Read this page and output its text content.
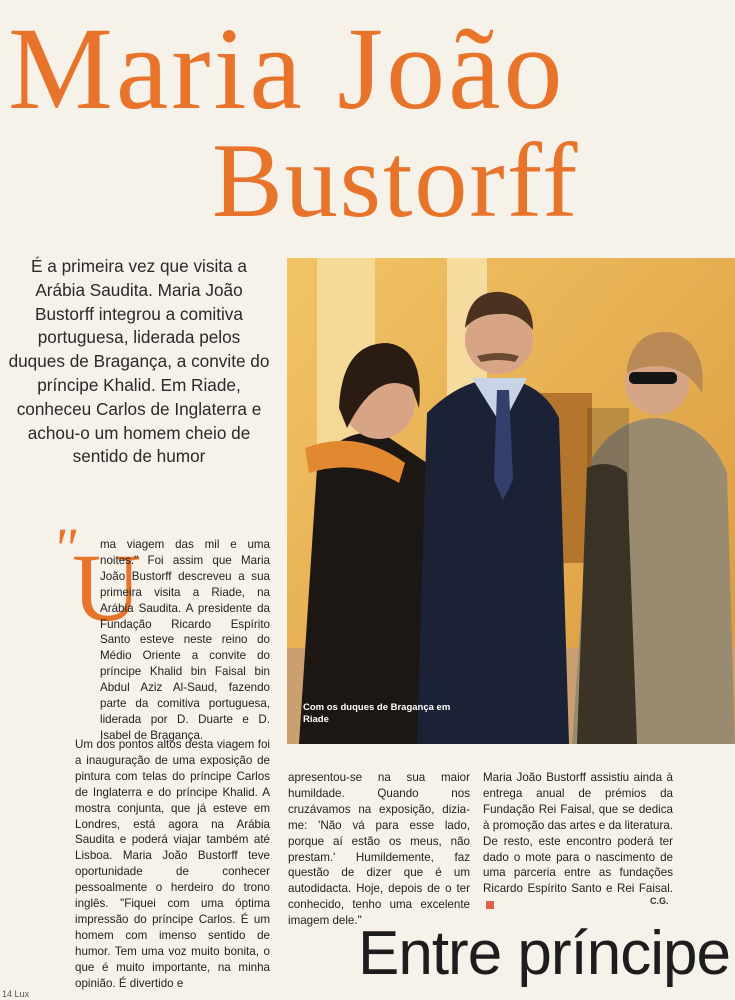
Maria João
Bustorff

É a primeira vez que visita a Arábia Saudita. Maria João Bustorff integrou a comitiva portuguesa, liderada pelos duques de Bragança, a convite do príncipe Khalid. Em Riade, conheceu Carlos de Inglaterra e achou-o um homem cheio de sentido de humor

"
U

ma viagem das mil e uma noites." Foi assim que Maria João Bustorff descreveu a sua primeira visita a Riade, na Arábia Saudita. A presidente da Fundação Ricardo Espírito Santo esteve neste reino do Médio Oriente a convite do príncipe Khalid bin Faisal bin Abdul Aziz Al-Saud, fazendo parte da comitiva portuguesa, liderada por D. Duarte e D. Isabel de Bragança.

Um dos pontos altos desta viagem foi a inauguração de uma exposição de pintura com telas do príncipe Carlos de Inglaterra e do príncipe Khalid. A mostra conjunta, que já esteve em Londres, está agora na Arábia Saudita e poderá viajar também até Lisboa. Maria João Bustorff teve oportunidade de conhecer pessoalmente o herdeiro do trono inglês. "Fiquei com uma óptima impressão do príncipe Carlos. É um homem com imenso sentido de humor. Tem uma voz muito bonita, o que é muito importante, na minha opinião. É divertido e

Com os duques de Bragança em Riade

apresentou-se na sua maior humildade. Quando nos cruzávamos na exposição, dizia-me: 'Não vá para esse lado, porque aí estão os meus, não prestam.' Humildemente, faz questão de dizer que é um autodidacta. Hoje, depois de o ter conhecido, tenho uma excelente imagem dele."

Maria João Bustorff assistiu ainda à entrega anual de prémios da Fundação Rei Faisal, que se dedica à promoção das artes e da literatura. De resto, este encontro poderá ter dado o mote para o nascimento de uma parceria entre as fundações Ricardo Espírito Santo e Rei Faisal.

C.G.
Entre príncipe
14 Lux
